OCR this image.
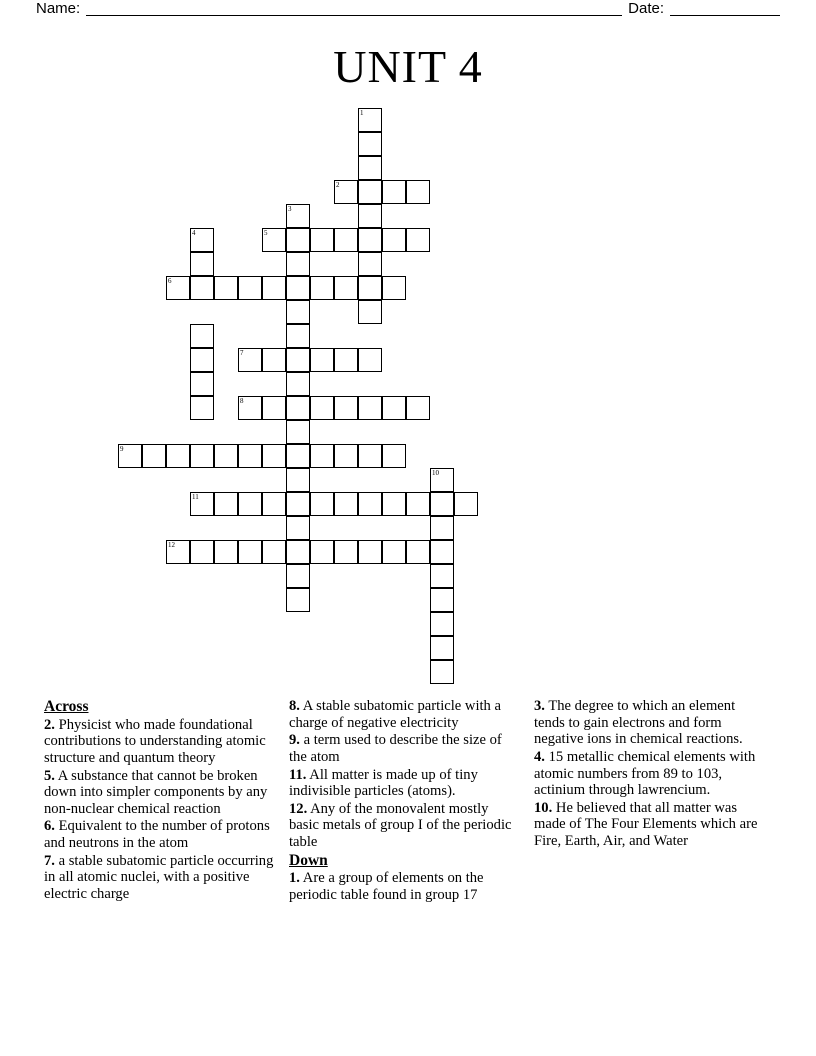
Name:	Date:
UNIT 4
1
2
3
4	5
6
7
8
9
10
11
12
Across

2. Physicist who made foundational contributions to understanding atomic structure and quantum theory

5. A substance that cannot be broken down into simpler components by any non-nuclear chemical reaction

6. Equivalent to the number of protons and neutrons in the atom

7. a stable subatomic particle occurring in all atomic nuclei, with a positive electric charge

8. A stable subatomic particle with a charge of negative electricity

9. a term used to describe the size of the atom

11. All matter is made up of tiny indivisible particles (atoms).

12. Any of the monovalent mostly basic metals of group I of the periodic table

Down

1. Are a group of elements on the periodic table found in group 17

3. The degree to which an element tends to gain electrons and form negative ions in chemical reactions.

4. 15 metallic chemical elements with atomic numbers from 89 to 103, actinium through lawrencium.

10. He believed that all matter was made of The Four Elements which are Fire, Earth, Air, and Water
